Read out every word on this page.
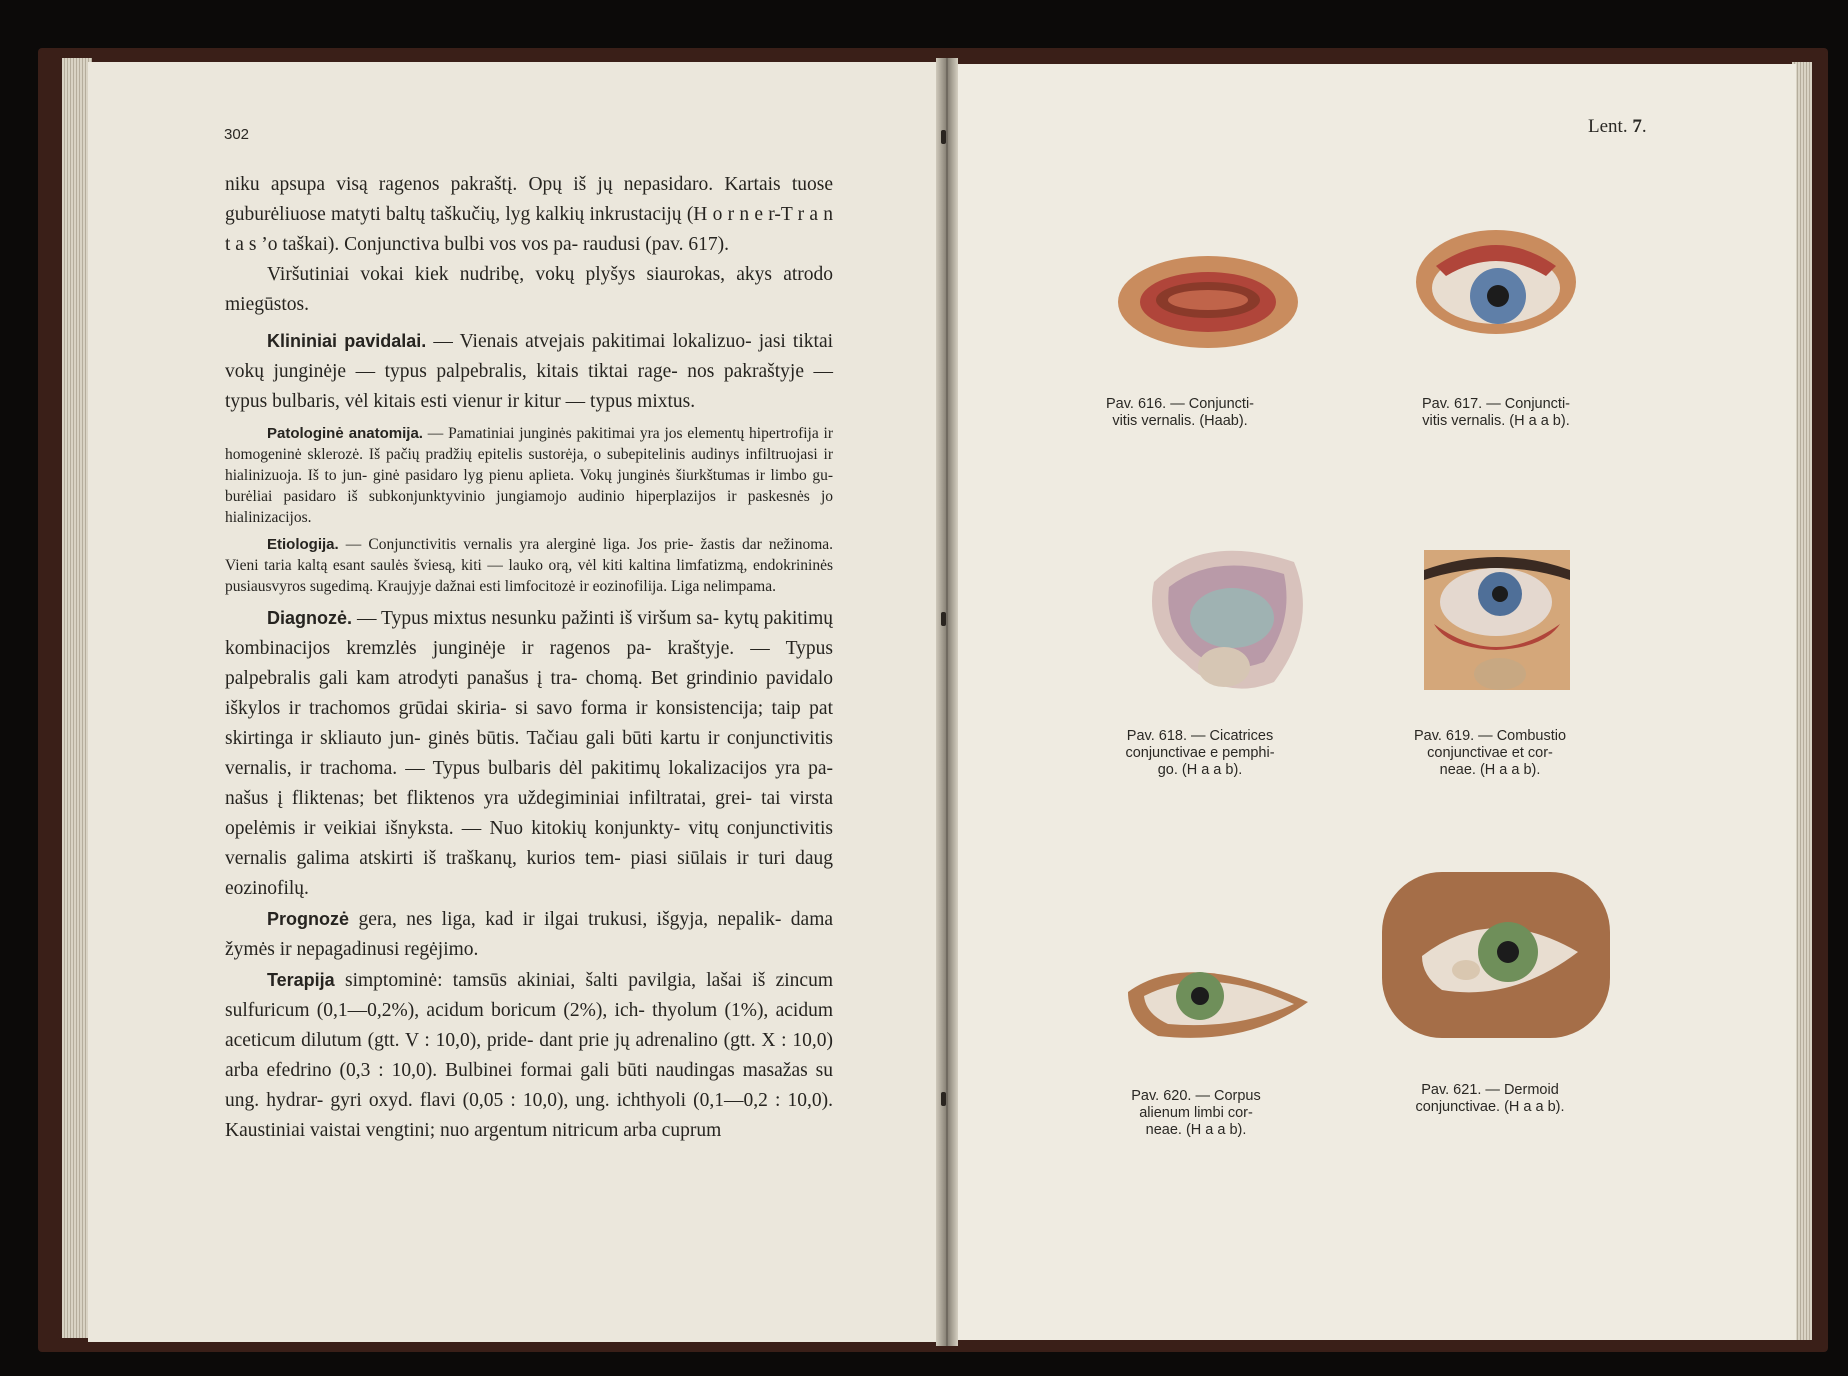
302

niku apsupa visą ragenos pakraštį. Opų iš jų nepasidaro. Kartais tuose guburėliuose matyti baltų taškučių, lyg kalkių inkrustacijų (H o r n e r-T r a n t a s ’o taškai). Conjunctiva bulbi vos vos pa- raudusi (pav. 617).

Viršutiniai vokai kiek nudribę, vokų plyšys siaurokas, akys atrodo miegūstos.

Klininiai pavidalai. — Vienais atvejais pakitimai lokalizuo- jasi tiktai vokų junginėje — typus palpebralis, kitais tiktai rage- nos pakraštyje — typus bulbaris, vėl kitais esti vienur ir kitur — typus mixtus.

Patologinė anatomija. — Pamatiniai junginės pakitimai yra jos elementų hipertrofija ir homogeninė sklerozė. Iš pačių pradžių epitelis sustorėja, o subepitelinis audinys infiltruojasi ir hialinizuoja. Iš to jun- ginė pasidaro lyg pienu aplieta. Vokų junginės šiurkštumas ir limbo gu- burėliai pasidaro iš subkonjunktyvinio jungiamojo audinio hiperplazijos ir paskesnės jo hialinizacijos.

Etiologija. — Conjunctivitis vernalis yra alerginė liga. Jos prie- žastis dar nežinoma. Vieni taria kaltą esant saulės šviesą, kiti — lauko orą, vėl kiti kaltina limfatizmą, endokrininės pusiausvyros sugedimą. Kraujyje dažnai esti limfocitozė ir eozinofilija. Liga nelimpama.

Diagnozė. — Typus mixtus nesunku pažinti iš viršum sa- kytų pakitimų kombinacijos kremzlės junginėje ir ragenos pa- kraštyje. — Typus palpebralis gali kam atrodyti panašus į tra- chomą. Bet grindinio pavidalo iškylos ir trachomos grūdai skiria- si savo forma ir konsistencija; taip pat skirtinga ir skliauto jun- ginės būtis. Tačiau gali būti kartu ir conjunctivitis vernalis, ir trachoma. — Typus bulbaris dėl pakitimų lokalizacijos yra pa- našus į fliktenas; bet fliktenos yra uždegiminiai infiltratai, grei- tai virsta opelėmis ir veikiai išnyksta. — Nuo kitokių konjunkty- vitų conjunctivitis vernalis galima atskirti iš traškanų, kurios tem- piasi siūlais ir turi daug eozinofilų.

Prognozė gera, nes liga, kad ir ilgai trukusi, išgyja, nepalik- dama žymės ir nepagadinusi regėjimo.

Terapija simptominė: tamsūs akiniai, šalti pavilgia, lašai iš zincum sulfuricum (0,1—0,2%), acidum boricum (2%), ich- thyolum (1%), acidum aceticum dilutum (gtt. V : 10,0), pride- dant prie jų adrenalino (gtt. X : 10,0) arba efedrino (0,3 : 10,0). Bulbinei formai gali būti naudingas masažas su ung. hydrar- gyri oxyd. flavi (0,05 : 10,0), ung. ichthyoli (0,1—0,2 : 10,0). Kaustiniai vaistai vengtini; nuo argentum nitricum arba cuprum

Lent. 7.
Pav. 616. — Conjuncti-
vitis vernalis. (Haab).
Pav. 617. — Conjuncti-
vitis vernalis. (H a a b).
Pav. 618. — Cicatrices
conjunctivae e pemphi-
go. (H a a b).
Pav. 619. — Combustio
conjunctivae et cor-
neae. (H a a b).
Pav. 620. — Corpus
alienum limbi cor-
neae. (H a a b).
Pav. 621. — Dermoid
conjunctivae. (H a a b).
